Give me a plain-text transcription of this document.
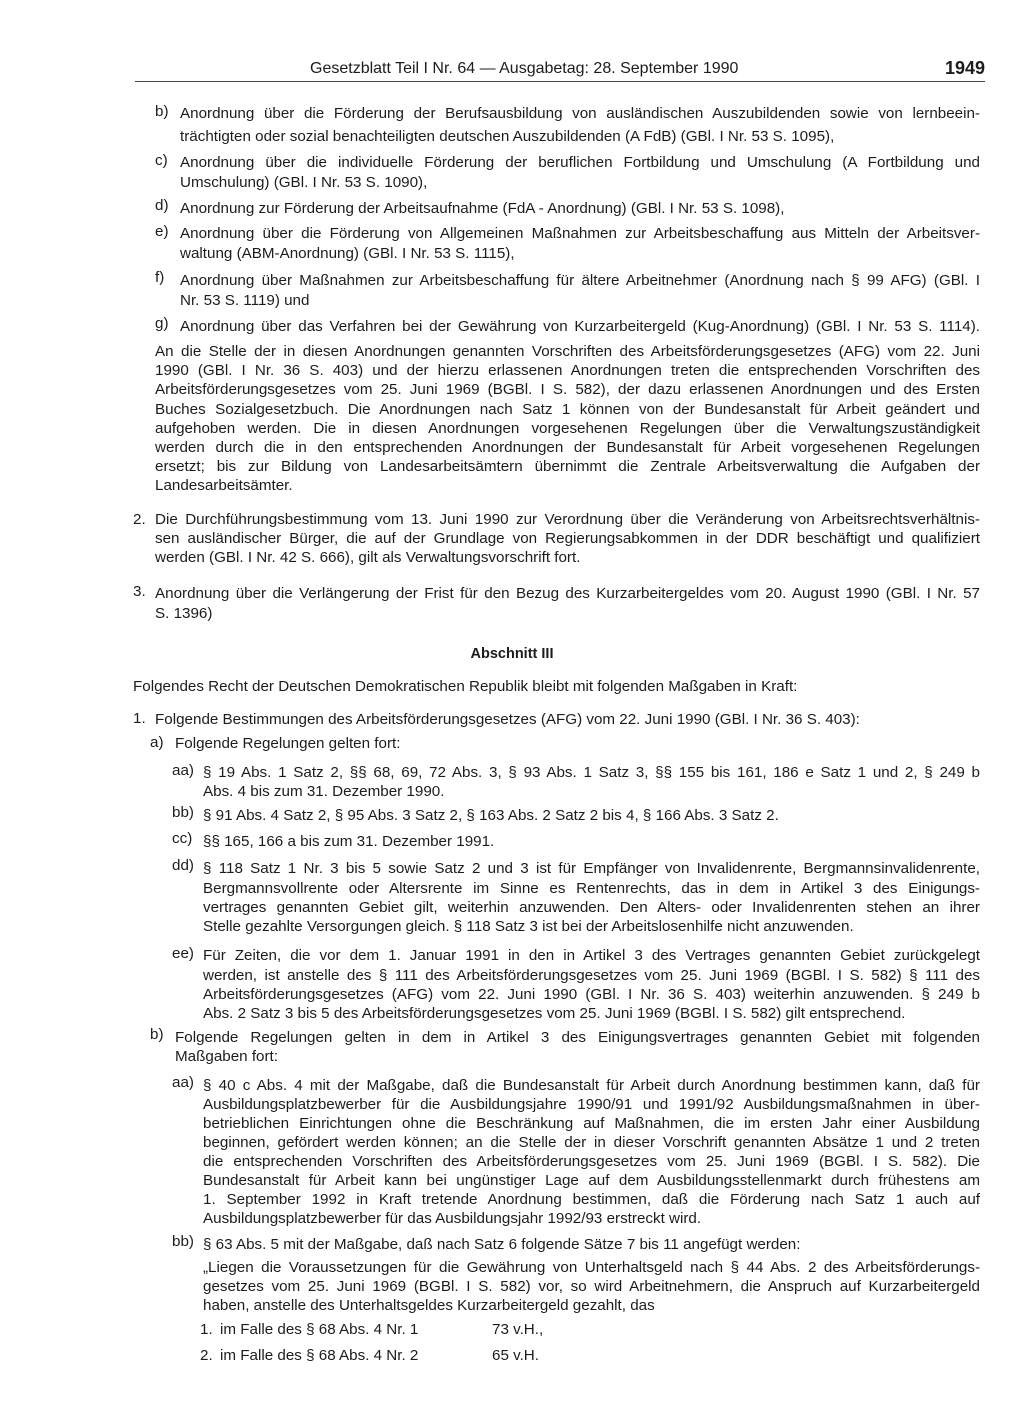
Gesetzblatt Teil I Nr. 64 — Ausgabetag: 28. September 1990	1949
b) Anordnung über die Förderung der Berufsausbildung von ausländischen Auszubildenden sowie von lernbeein-
trächtigten oder sozial benachteiligten deutschen Auszubildenden (A FdB) (GBl. I Nr. 53 S. 1095),
c) Anordnung über die individuelle Förderung der beruflichen Fortbildung und Umschulung (A Fortbildung und
Umschulung) (GBl. I Nr. 53 S. 1090),
d) Anordnung zur Förderung der Arbeitsaufnahme (FdA - Anordnung) (GBl. I Nr. 53 S. 1098),
e) Anordnung über die Förderung von Allgemeinen Maßnahmen zur Arbeitsbeschaffung aus Mitteln der Arbeitsver-
waltung (ABM-Anordnung) (GBl. I Nr. 53 S. 1115),
f) Anordnung über Maßnahmen zur Arbeitsbeschaffung für ältere Arbeitnehmer (Anordnung nach § 99 AFG) (GBl. I
Nr. 53 S. 1119) und
g) Anordnung über das Verfahren bei der Gewährung von Kurzarbeitergeld (Kug-Anordnung) (GBl. I Nr. 53 S. 1114).
An die Stelle der in diesen Anordnungen genannten Vorschriften des Arbeitsförderungsgesetzes (AFG) vom 22. Juni
1990 (GBl. I Nr. 36 S. 403) und der hierzu erlassenen Anordnungen treten die entsprechenden Vorschriften des
Arbeitsförderungsgesetzes vom 25. Juni 1969 (BGBl. I S. 582), der dazu erlassenen Anordnungen und des Ersten
Buches Sozialgesetzbuch. Die Anordnungen nach Satz 1 können von der Bundesanstalt für Arbeit geändert und
aufgehoben werden. Die in diesen Anordnungen vorgesehenen Regelungen über die Verwaltungszuständigkeit
werden durch die in den entsprechenden Anordnungen der Bundesanstalt für Arbeit vorgesehenen Regelungen
ersetzt; bis zur Bildung von Landesarbeitsämtern übernimmt die Zentrale Arbeitsverwaltung die Aufgaben der
Landesarbeitsämter.
2. Die Durchführungsbestimmung vom 13. Juni 1990 zur Verordnung über die Veränderung von Arbeitsrechtsverhältnis-
sen ausländischer Bürger, die auf der Grundlage von Regierungsabkommen in der DDR beschäftigt und qualifiziert
werden (GBl. I Nr. 42 S. 666), gilt als Verwaltungsvorschrift fort.
3. Anordnung über die Verlängerung der Frist für den Bezug des Kurzarbeitergeldes vom 20. August 1990 (GBl. I Nr. 57
S. 1396)
Abschnitt III
Folgendes Recht der Deutschen Demokratischen Republik bleibt mit folgenden Maßgaben in Kraft:
1. Folgende Bestimmungen des Arbeitsförderungsgesetzes (AFG) vom 22. Juni 1990 (GBl. I Nr. 36 S. 403):
a) Folgende Regelungen gelten fort:
aa) § 19 Abs. 1 Satz 2, §§ 68, 69, 72 Abs. 3, § 93 Abs. 1 Satz 3, §§ 155 bis 161, 186 e Satz 1 und 2, § 249 b
Abs. 4 bis zum 31. Dezember 1990.
bb) § 91 Abs. 4 Satz 2, § 95 Abs. 3 Satz 2, § 163 Abs. 2 Satz 2 bis 4, § 166 Abs. 3 Satz 2.
cc) §§ 165, 166 a bis zum 31. Dezember 1991.
dd) § 118 Satz 1 Nr. 3 bis 5 sowie Satz 2 und 3 ist für Empfänger von Invalidenrente, Bergmannsinvalidenrente,
Bergmannsvollrente oder Altersrente im Sinne es Rentenrechts, das in dem in Artikel 3 des Einigungs-
vertrages genannten Gebiet gilt, weiterhin anzuwenden. Den Alters- oder Invalidenrenten stehen an ihrer
Stelle gezahlte Versorgungen gleich. § 118 Satz 3 ist bei der Arbeitslosenhilfe nicht anzuwenden.
ee) Für Zeiten, die vor dem 1. Januar 1991 in den in Artikel 3 des Vertrages genannten Gebiet zurückgelegt
werden, ist anstelle des § 111 des Arbeitsförderungsgesetzes vom 25. Juni 1969 (BGBl. I S. 582) § 111 des
Arbeitsförderungsgesetzes (AFG) vom 22. Juni 1990 (GBl. I Nr. 36 S. 403) weiterhin anzuwenden. § 249 b
Abs. 2 Satz 3 bis 5 des Arbeitsförderungsgesetzes vom 25. Juni 1969 (BGBl. I S. 582) gilt entsprechend.
b) Folgende Regelungen gelten in dem in Artikel 3 des Einigungsvertrages genannten Gebiet mit folgenden
Maßgaben fort:
aa) § 40 c Abs. 4 mit der Maßgabe, daß die Bundesanstalt für Arbeit durch Anordnung bestimmen kann, daß für
Ausbildungsplatzbewerber für die Ausbildungsjahre 1990/91 und 1991/92 Ausbildungsmaßnahmen in über-
betrieblichen Einrichtungen ohne die Beschränkung auf Maßnahmen, die im ersten Jahr einer Ausbildung
beginnen, gefördert werden können; an die Stelle der in dieser Vorschrift genannten Absätze 1 und 2 treten
die entsprechenden Vorschriften des Arbeitsförderungsgesetzes vom 25. Juni 1969 (BGBl. I S. 582). Die
Bundesanstalt für Arbeit kann bei ungünstiger Lage auf dem Ausbildungsstellenmarkt durch frühestens am
1. September 1992 in Kraft tretende Anordnung bestimmen, daß die Förderung nach Satz 1 auch auf
Ausbildungsplatzbewerber für das Ausbildungsjahr 1992/93 erstreckt wird.
bb) § 63 Abs. 5 mit der Maßgabe, daß nach Satz 6 folgende Sätze 7 bis 11 angefügt werden:
„Liegen die Voraussetzungen für die Gewährung von Unterhaltsgeld nach § 44 Abs. 2 des Arbeitsförderungs-
gesetzes vom 25. Juni 1969 (BGBl. I S. 582) vor, so wird Arbeitnehmern, die Anspruch auf Kurzarbeitergeld
haben, anstelle des Unterhaltsgeldes Kurzarbeitergeld gezahlt, das
1. im Falle des § 68 Abs. 4 Nr. 1	73 v.H.,
2. im Falle des § 68 Abs. 4 Nr. 2	65 v.H.
